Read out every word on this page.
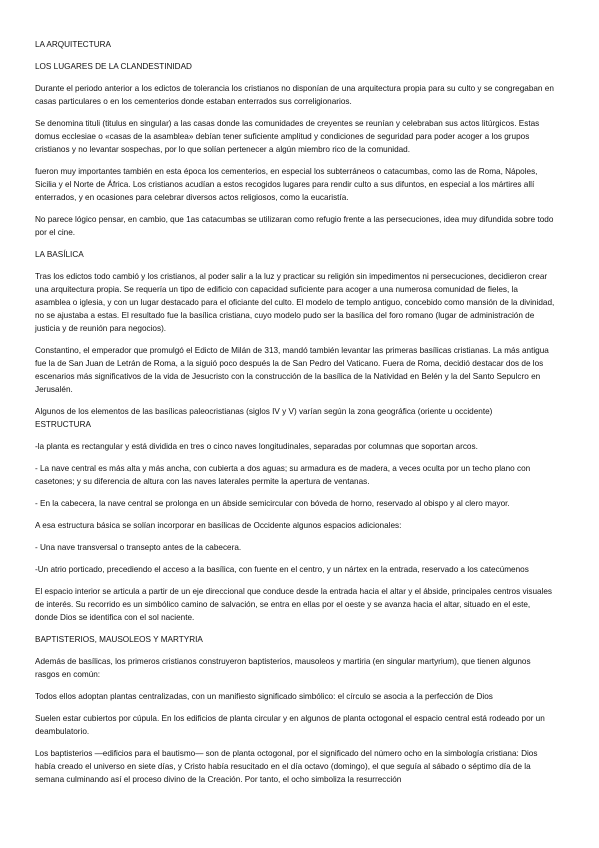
LA ARQUITECTURA

LOS LUGARES DE LA CLANDESTINIDAD

Durante el periodo anterior a los edictos de tolerancia los cristianos no disponían de una arquitectura propia para su culto y se congregaban en casas particulares o en los cementerios donde estaban enterrados sus correligionarios.

Se denomina tituli (titulus en singular) a las casas donde las comunidades de creyentes se reunían y celebraban sus actos litúrgicos. Estas domus ecclesiae o «casas de la asamblea» debían tener suficiente amplitud y condiciones de seguridad para poder acoger a los grupos cristianos y no levantar sospechas, por lo que solían pertenecer a algún miembro rico de la comunidad.

fueron muy importantes también en esta época los cementerios, en especial los subterráneos o catacumbas, como las de Roma, Nápoles, Sicilia y el Norte de África. Los cristianos acudían a estos recogidos lugares para rendir culto a sus difuntos, en especial a los mártires allí enterrados, y en ocasiones para celebrar diversos actos religiosos, como la eucaristía.

No parece lógico pensar, en cambio, que 1as catacumbas se utilizaran como refugio frente a las persecuciones, idea muy difundida sobre todo por el cine.

LA BASÍLICA

Tras los edictos todo cambió y los cristianos, al poder salir a la luz y practicar su religión sin impedimentos ni persecuciones, decidieron crear una arquitectura propia. Se requería un tipo de edificio con capacidad suficiente para acoger a una numerosa comunidad de fieles, la asamblea o iglesia, y con un lugar destacado para el oficiante del culto. El modelo de templo antiguo, concebido como mansión de la divinidad, no se ajustaba a estas. El resultado fue la basílica cristiana, cuyo modelo pudo ser la basílica del foro romano (lugar de administración de justicia y de reunión para negocios).

Constantino, el emperador que promulgó el Edicto de Milán de 313, mandó también levantar las primeras basílicas cristianas. La más antigua fue la de San Juan de Letrán de Roma, a la siguió poco después la de San Pedro del Vaticano. Fuera de Roma, decidió destacar dos de los escenarios más significativos de la vida de Jesucristo con la construcción de la basílica de la Natividad en Belén y la del Santo Sepulcro en Jerusalén.

Algunos de los elementos de las basílicas paleocristianas (siglos IV y V) varían según la zona geográfica (oriente u occidente)

ESTRUCTURA

-la planta es rectangular y está dividida en tres o cinco naves longitudinales, separadas por columnas que soportan arcos.

- La nave central es más alta y más ancha, con cubierta a dos aguas; su armadura es de madera, a veces oculta por un techo plano con casetones; y su diferencia de altura con las naves laterales permite la apertura de ventanas.

- En la cabecera, la nave central se prolonga en un ábside semicircular con bóveda de horno, reservado al obispo y al clero mayor.

A esa estructura básica se solían incorporar en basílicas de Occidente algunos espacios adicionales:

- Una nave transversal o transepto antes de la cabecera.

-Un atrio porticado, precediendo el acceso a la basílica, con fuente en el centro, y un nártex en la entrada, reservado a los catecúmenos

El espacio interior se articula a partir de un eje direccional que conduce desde la entrada hacia el altar y el ábside, principales centros visuales de interés. Su recorrido es un simbólico camino de salvación, se entra en ellas por el oeste y se avanza hacia el altar, situado en el este, donde Dios se identifica con el sol naciente.

BAPTISTERIOS, MAUSOLEOS Y MARTYRIA

Además de basílicas, los primeros cristianos construyeron baptisterios, mausoleos y martiria (en singular martyrium), que tienen algunos rasgos en común:

Todos ellos adoptan plantas centralizadas, con un manifiesto significado simbólico: el círculo se asocia a la perfección de Dios

Suelen estar cubiertos por cúpula. En los edificios de planta circular y en algunos de planta octogonal el espacio central está rodeado por un deambulatorio.

Los baptisterios —edificios para el bautismo— son de planta octogonal, por el significado del número ocho en la simbología cristiana: Dios había creado el universo en siete días, y Cristo había resucitado en el día octavo (domingo), el que seguía al sábado o séptimo día de la semana culminando así el proceso divino de la Creación. Por tanto, el ocho simboliza la resurrección
